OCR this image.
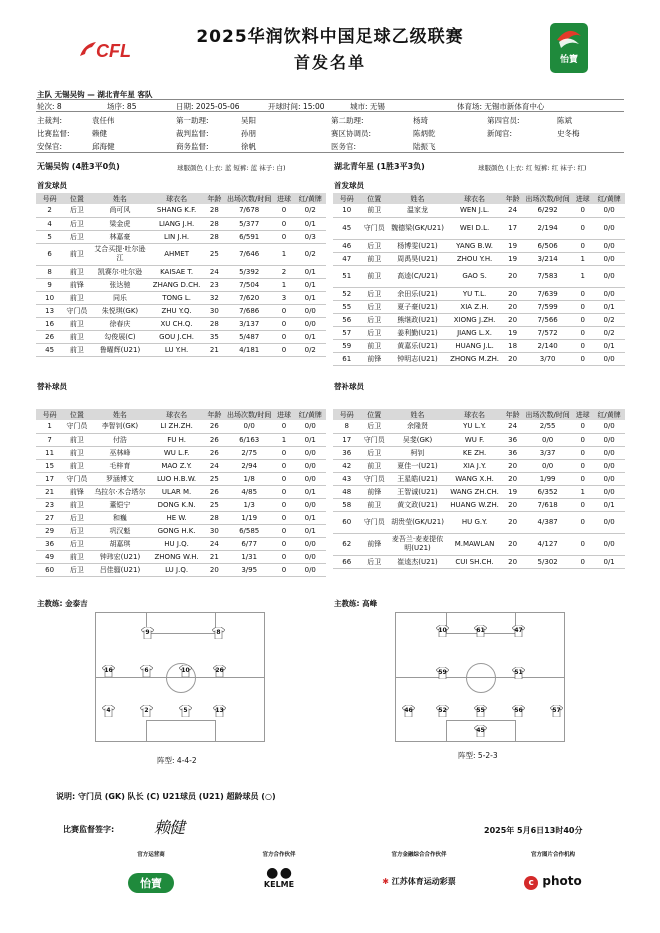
CFL
2025华润饮料中国足球乙级联赛
首发名单	怡寶
主队 无锡吴钩 — 湖北青年星 客队
轮次: 8	场序: 85	日期: 2025-05-06	开球时间: 15:00	城市: 无锡	体育场: 无锡市新体育中心
主裁判:	袁任伟	第一助理:	吴阳	第二助理:	杨琦	第四官员:	陈斌
比赛监督:	赖健	裁判监督:	孙朋	赛区协调员:	陈炳乾	新闻官:	史冬梅
安保官:	邱海健	商务监督:	徐帆	医务官:	陆振飞
无锡吴钩 (4胜3平0负)	球服颜色 (上衣: 蓝 短裤: 蓝 袜子: 白)	湖北青年星 (1胜3平3负)	球服颜色 (上衣: 红 短裤: 红 袜子: 红)
首发球员	首发球员
号码	位置	姓名	球衣名	年龄	出场次数/时间	进球	红/黄牌
2	后卫	尚可风	SHANG K.F.	28	7/678	0	0/2
4	后卫	梁金虎	LIANG J.H.	28	5/377	0	0/1
5	后卫	林嘉豪	LIN J.H.	28	6/591	0	0/3
6	前卫	艾合买提·吐尔逊江	AHMET	25	7/646	1	0/2
8	前卫	凯赛尔·吐尔逊	KAISAE T.	24	5/392	2	0/1
9	前锋	张达驰	ZHANG D.CH.	23	7/504	1	0/1
10	前卫	同乐	TONG L.	32	7/620	3	0/1
13	守门员	朱悦琪(GK)	ZHU Y.Q.	30	7/686	0	0/0
16	前卫	徐春庆	XU CH.Q.	28	3/137	0	0/0
26	前卫	勾俊展(C)	GOU J.CH.	35	5/487	0	0/1
45	前卫	鲁曜辉(U21)	LU Y.H.	21	4/181	0	0/2
号码	位置	姓名	球衣名	年龄	出场次数/时间	进球	红/黄牌
10	前卫	温家龙	WEN J.L.	24	6/292	0	0/0
45	守门员	魏德梁(GK/U21)	WEI D.L.	17	2/194	0	0/0
46	后卫	杨博雯(U21)	YANG B.W.	19	6/506	0	0/0
47	前卫	周禹昊(U21)	ZHOU Y.H.	19	3/214	1	0/0
51	前卫	高逵(C/U21)	GAO S.	20	7/583	1	0/0
52	后卫	余田乐(U21)	YU T.L.	20	7/639	0	0/0
55	后卫	夏子豪(U21)	XIA Z.H.	20	7/599	0	0/1
56	后卫	熊继政(U21)	XIONG J.ZH.	20	7/566	0	0/2
57	后卫	姜利勤(U21)	JIANG L.X.	19	7/572	0	0/2
59	前卫	黄嘉乐(U21)	HUANG J.L.	18	2/140	0	0/1
61	前锋	钟明志(U21)	ZHONG M.ZH.	20	3/70	0	0/0
替补球员	替补球员
号码	位置	姓名	球衣名	年龄	出场次数/时间	进球	红/黄牌
1	守门员	李智钊(GK)	LI ZH.ZH.	26	0/0	0	0/0
7	前卫	付浩	FU H.	26	6/163	1	0/1
11	前卫	巫林峰	WU L.F.	26	2/75	0	0/0
15	前卫	毛梓育	MAO Z.Y.	24	2/94	0	0/0
17	守门员	罗涵博文	LUO H.B.W.	25	1/8	0	0/0
21	前锋	乌拉尔·木合塔尔	ULAR M.	26	4/85	0	0/1
23	前卫	董铠宁	DONG K.N.	25	1/3	0	0/0
27	后卫	和巍	HE W.	28	1/19	0	0/1
29	后卫	巩汉魁	GONG H.K.	30	6/585	0	0/1
36	后卫	胡嘉琪	HU J.Q.	24	6/77	0	0/0
49	前卫	钟玮宏(U21)	ZHONG W.H.	21	1/31	0	0/0
60	后卫	吕佳骝(U21)	LU J.Q.	20	3/95	0	0/0
号码	位置	姓名	球衣名	年龄	出场次数/时间	进球	红/黄牌
8	后卫	余隆贤	YU L.Y.	24	2/55	0	0/0
17	守门员	吴斐(GK)	WU F.	36	0/0	0	0/0
36	后卫	柯钊	KE ZH.	36	3/37	0	0/0
42	前卫	夏佳一(U21)	XIA J.Y.	20	0/0	0	0/0
43	守门员	王星皓(U21)	WANG X.H.	20	1/99	0	0/0
48	前锋	王智诚(U21)	WANG ZH.CH.	19	6/352	1	0/0
58	前卫	黄文政(U21)	HUANG W.ZH.	20	7/618	0	0/1
60	守门员	胡贵莹(GK/U21)	HU G.Y.	20	4/387	0	0/0
62	前锋	麦吾兰·麦麦提依明(U21)	M.MAWLAN	20	4/127	0	0/0
66	后卫	崔逵杰(U21)	CUI SH.CH.	20	5/302	0	0/1
主教练: 金泰吉	主教练: 高峰
9	8
16	6	10	26
4	2	5	13
10	61	47
59	51
46	52	55	56	57
45
阵型: 4-4-2
阵型: 5-2-3
说明: 守门员 (GK) 队长 (C) U21球员 (U21) 超龄球员 (○)
比赛监督签字: 赖健	2025年 5月6日13时40分
官方运营商	官方合作伙伴	官方金融综合合作伙伴	官方图片合作机构
怡寶
● ●
KELME	✱ 江苏体育运动彩票	c photo
